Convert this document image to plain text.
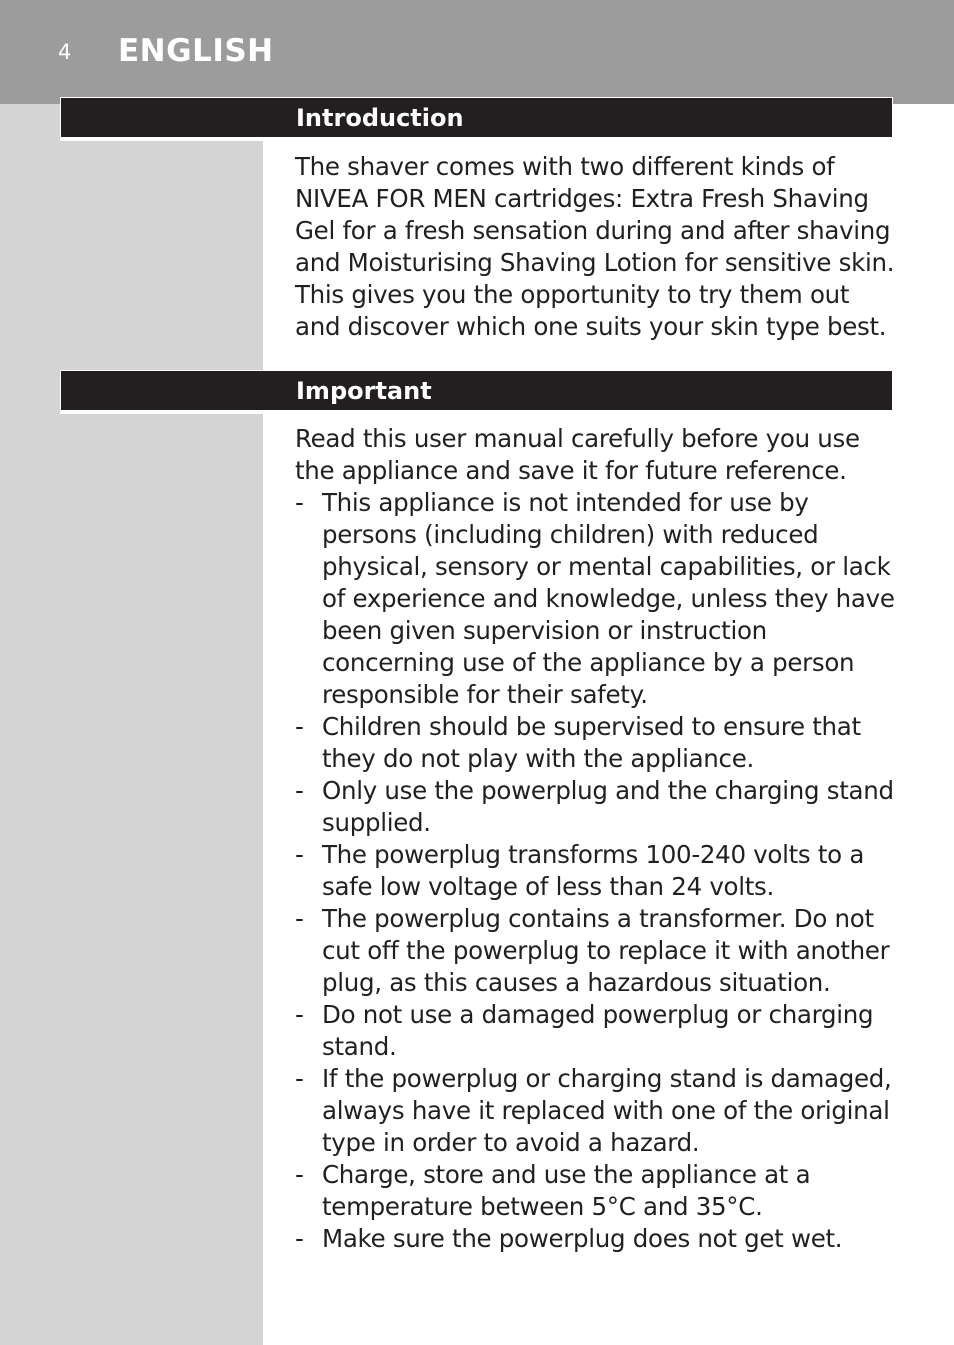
4 ENGLISH
Introduction

The shaver comes with two different kinds of NIVEA FOR MEN cartridges: Extra Fresh Shaving Gel for a fresh sensation during and after shaving and Moisturising Shaving Lotion for sensitive skin. This gives you the opportunity to try them out and discover which one suits your skin type best.

Important

Read this user manual carefully before you use the appliance and save it for future reference.

- This appliance is not intended for use by persons (including children) with reduced physical, sensory or mental capabilities, or lack of experience and knowledge, unless they have been given supervision or instruction concerning use of the appliance by a person responsible for their safety.
- Children should be supervised to ensure that they do not play with the appliance.
- Only use the powerplug and the charging stand supplied.
- The powerplug transforms 100-240 volts to a safe low voltage of less than 24 volts.
- The powerplug contains a transformer. Do not cut off the powerplug to replace it with another plug, as this causes a hazardous situation.
- Do not use a damaged powerplug or charging stand.
- If the powerplug or charging stand is damaged, always have it replaced with one of the original type in order to avoid a hazard.
- Charge, store and use the appliance at a temperature between 5°C and 35°C.
- Make sure the powerplug does not get wet.
